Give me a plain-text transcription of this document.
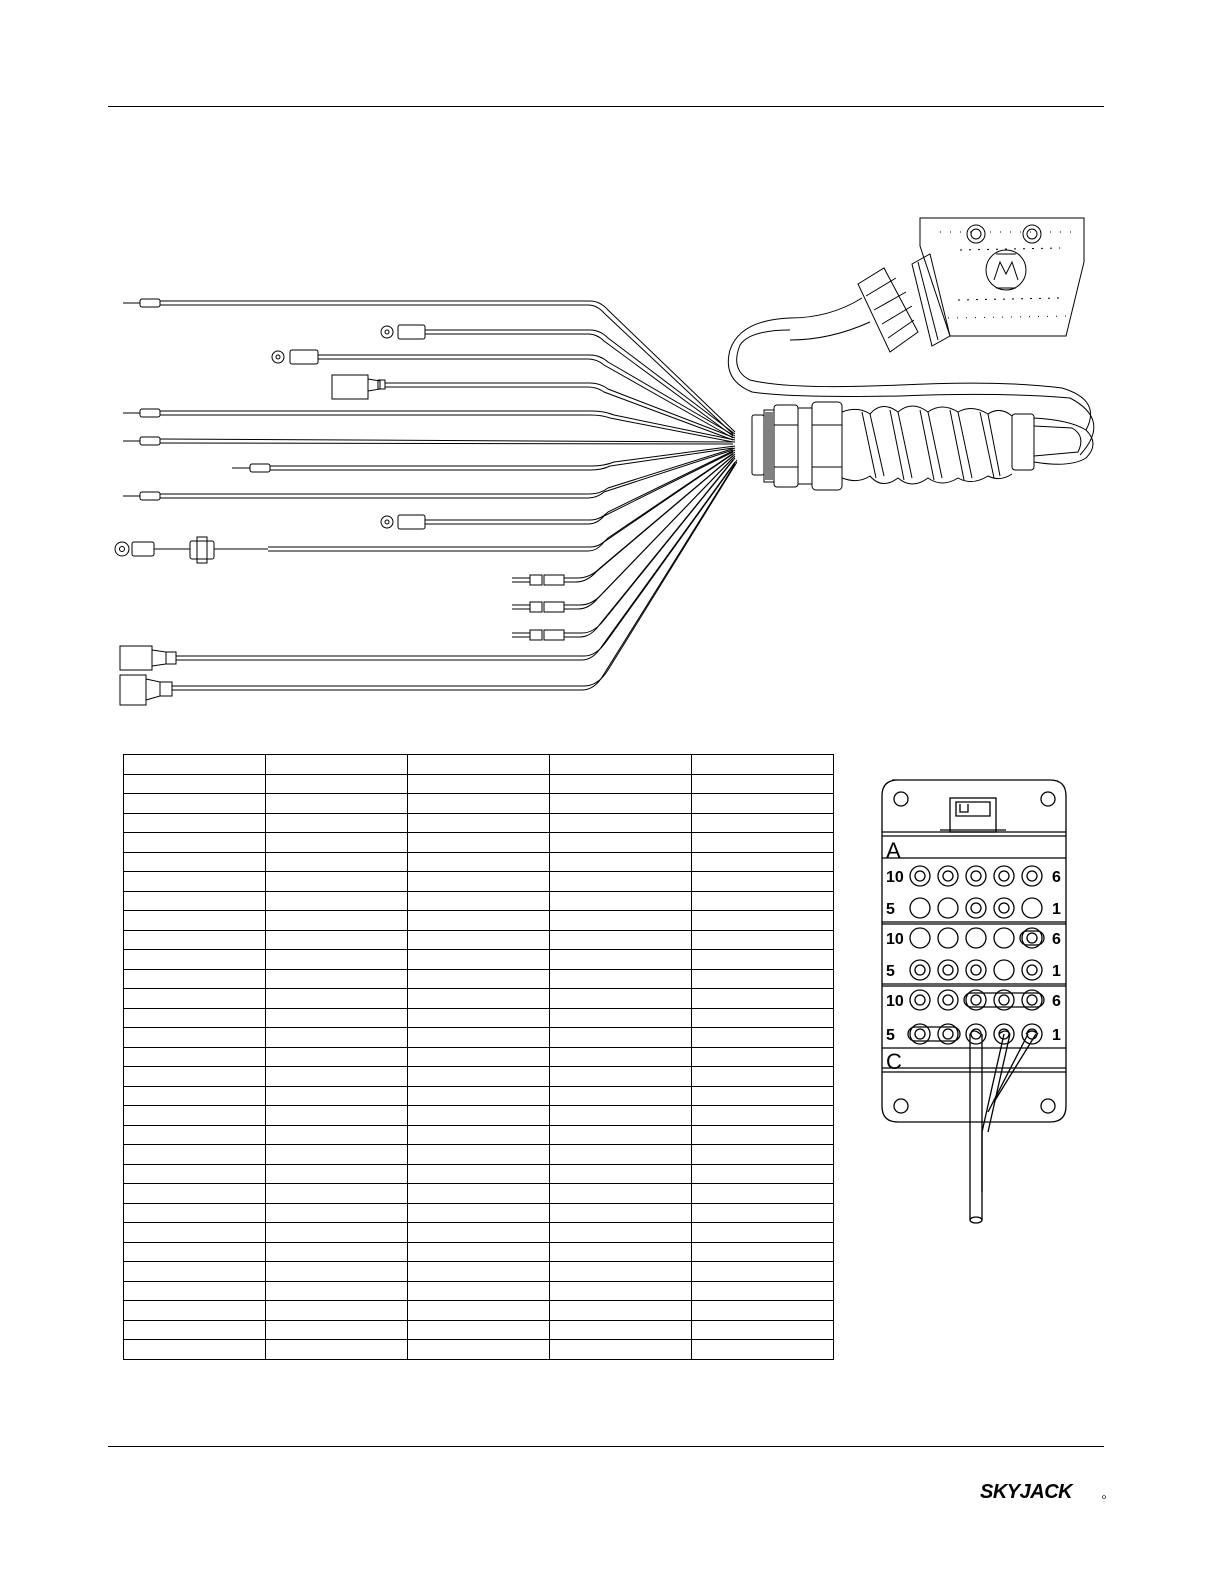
A
C
10	6
5	1
10	6
5	1
10	6
5	1
SKYJACK
